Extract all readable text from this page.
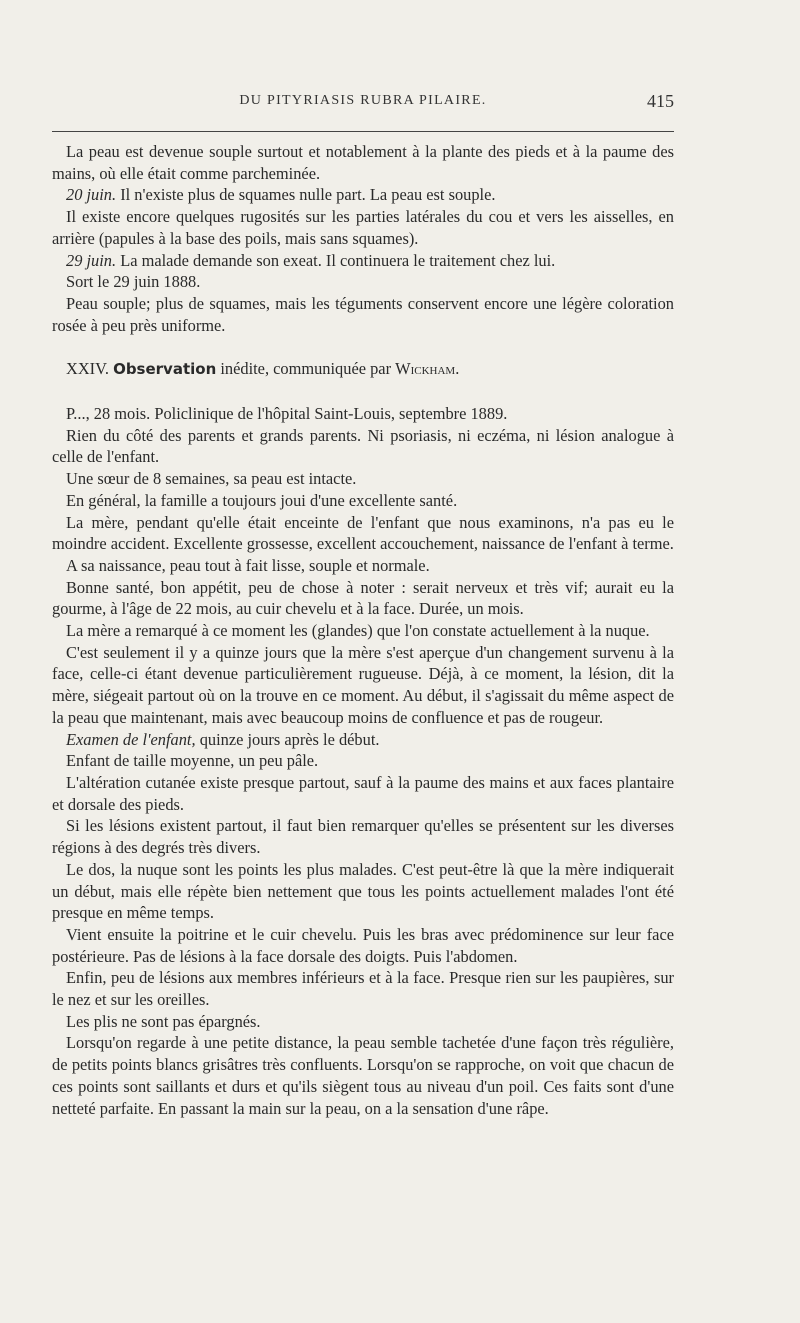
DU PITYRIASIS RUBRA PILAIRE.	415

La peau est devenue souple surtout et notablement à la plante des pieds et à la paume des mains, où elle était comme parcheminée.

20 juin. Il n'existe plus de squames nulle part. La peau est souple.

Il existe encore quelques rugosités sur les parties latérales du cou et vers les aisselles, en arrière (papules à la base des poils, mais sans squames).

29 juin. La malade demande son exeat. Il continuera le traitement chez lui.

Sort le 29 juin 1888.

Peau souple; plus de squames, mais les téguments conservent encore une légère coloration rosée à peu près uniforme.

XXIV. Observation inédite, communiquée par Wickham.

P..., 28 mois. Policlinique de l'hôpital Saint-Louis, septembre 1889.

Rien du côté des parents et grands parents. Ni psoriasis, ni eczéma, ni lésion analogue à celle de l'enfant.

Une sœur de 8 semaines, sa peau est intacte.

En général, la famille a toujours joui d'une excellente santé.

La mère, pendant qu'elle était enceinte de l'enfant que nous examinons, n'a pas eu le moindre accident. Excellente grossesse, excellent accouchement, naissance de l'enfant à terme.

A sa naissance, peau tout à fait lisse, souple et normale.

Bonne santé, bon appétit, peu de chose à noter : serait nerveux et très vif; aurait eu la gourme, à l'âge de 22 mois, au cuir chevelu et à la face. Durée, un mois.

La mère a remarqué à ce moment les (glandes) que l'on constate actuellement à la nuque.

C'est seulement il y a quinze jours que la mère s'est aperçue d'un changement survenu à la face, celle-ci étant devenue particulièrement rugueuse. Déjà, à ce moment, la lésion, dit la mère, siégeait partout où on la trouve en ce moment. Au début, il s'agissait du même aspect de la peau que maintenant, mais avec beaucoup moins de confluence et pas de rougeur.

Examen de l'enfant, quinze jours après le début.

Enfant de taille moyenne, un peu pâle.

L'altération cutanée existe presque partout, sauf à la paume des mains et aux faces plantaire et dorsale des pieds.

Si les lésions existent partout, il faut bien remarquer qu'elles se présentent sur les diverses régions à des degrés très divers.

Le dos, la nuque sont les points les plus malades. C'est peut-être là que la mère indiquerait un début, mais elle répète bien nettement que tous les points actuellement malades l'ont été presque en même temps.

Vient ensuite la poitrine et le cuir chevelu. Puis les bras avec prédominence sur leur face postérieure. Pas de lésions à la face dorsale des doigts. Puis l'abdomen.

Enfin, peu de lésions aux membres inférieurs et à la face. Presque rien sur les paupières, sur le nez et sur les oreilles.

Les plis ne sont pas épargnés.

Lorsqu'on regarde à une petite distance, la peau semble tachetée d'une façon très régulière, de petits points blancs grisâtres très confluents. Lorsqu'on se rapproche, on voit que chacun de ces points sont saillants et durs et qu'ils siègent tous au niveau d'un poil. Ces faits sont d'une netteté parfaite. En passant la main sur la peau, on a la sensation d'une râpe.
